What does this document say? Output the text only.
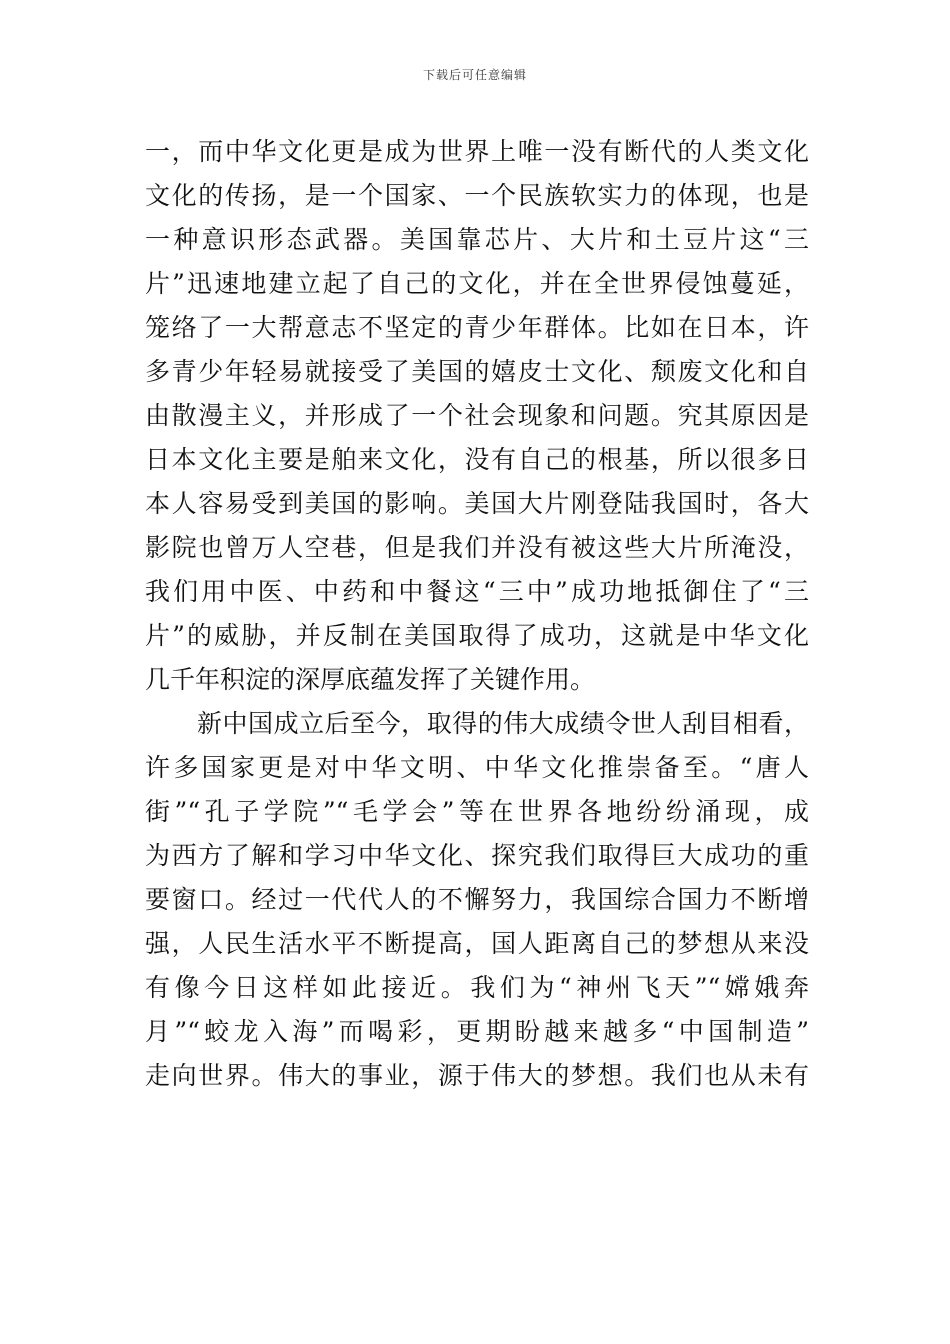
下载后可任意编辑
一，而中华文化更是成为世界上唯一没有断代的人类文化
文化的传扬，是一个国家、一个民族软实力的体现，也是
一种意识形态武器。美国靠芯片、大片和土豆片这“三
片”迅速地建立起了自己的文化，并在全世界侵蚀蔓延，
笼络了一大帮意志不坚定的青少年群体。比如在日本，许
多青少年轻易就接受了美国的嬉皮士文化、颓废文化和自
由散漫主义，并形成了一个社会现象和问题。究其原因是
日本文化主要是舶来文化，没有自己的根基，所以很多日
本人容易受到美国的影响。美国大片刚登陆我国时，各大
影院也曾万人空巷，但是我们并没有被这些大片所淹没，
我们用中医、中药和中餐这“三中”成功地抵御住了“三
片”的威胁，并反制在美国取得了成功，这就是中华文化
几千年积淀的深厚底蕴发挥了关键作用。
新中国成立后至今，取得的伟大成绩令世人刮目相看，
许多国家更是对中华文明、中华文化推崇备至。“唐人
街”“孔子学院”“毛学会”等在世界各地纷纷涌现，成
为西方了解和学习中华文化、探究我们取得巨大成功的重
要窗口。经过一代代人的不懈努力，我国综合国力不断增
强，人民生活水平不断提高，国人距离自己的梦想从来没
有像今日这样如此接近。我们为“神州飞天”“嫦娥奔
月”“蛟龙入海”而喝彩，更期盼越来越多“中国制造”
走向世界。伟大的事业，源于伟大的梦想。我们也从未有
